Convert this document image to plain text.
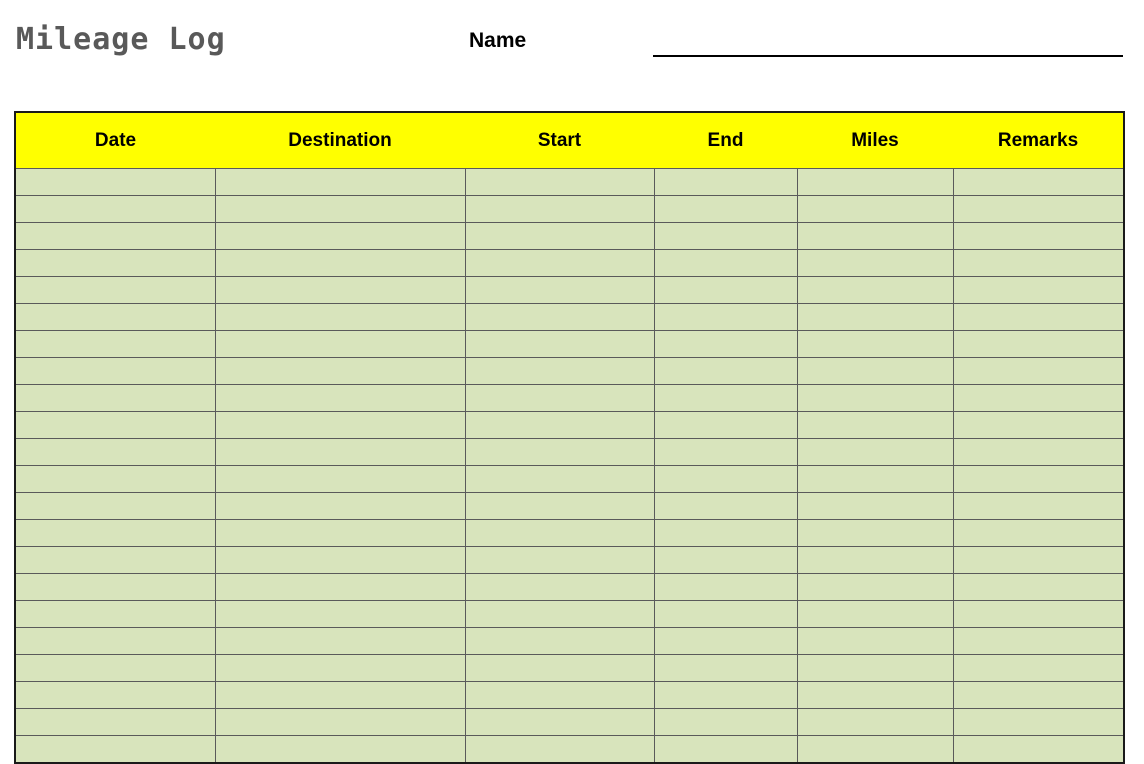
Mileage Log	Name
Date	Destination	Start	End	Miles	Remarks
